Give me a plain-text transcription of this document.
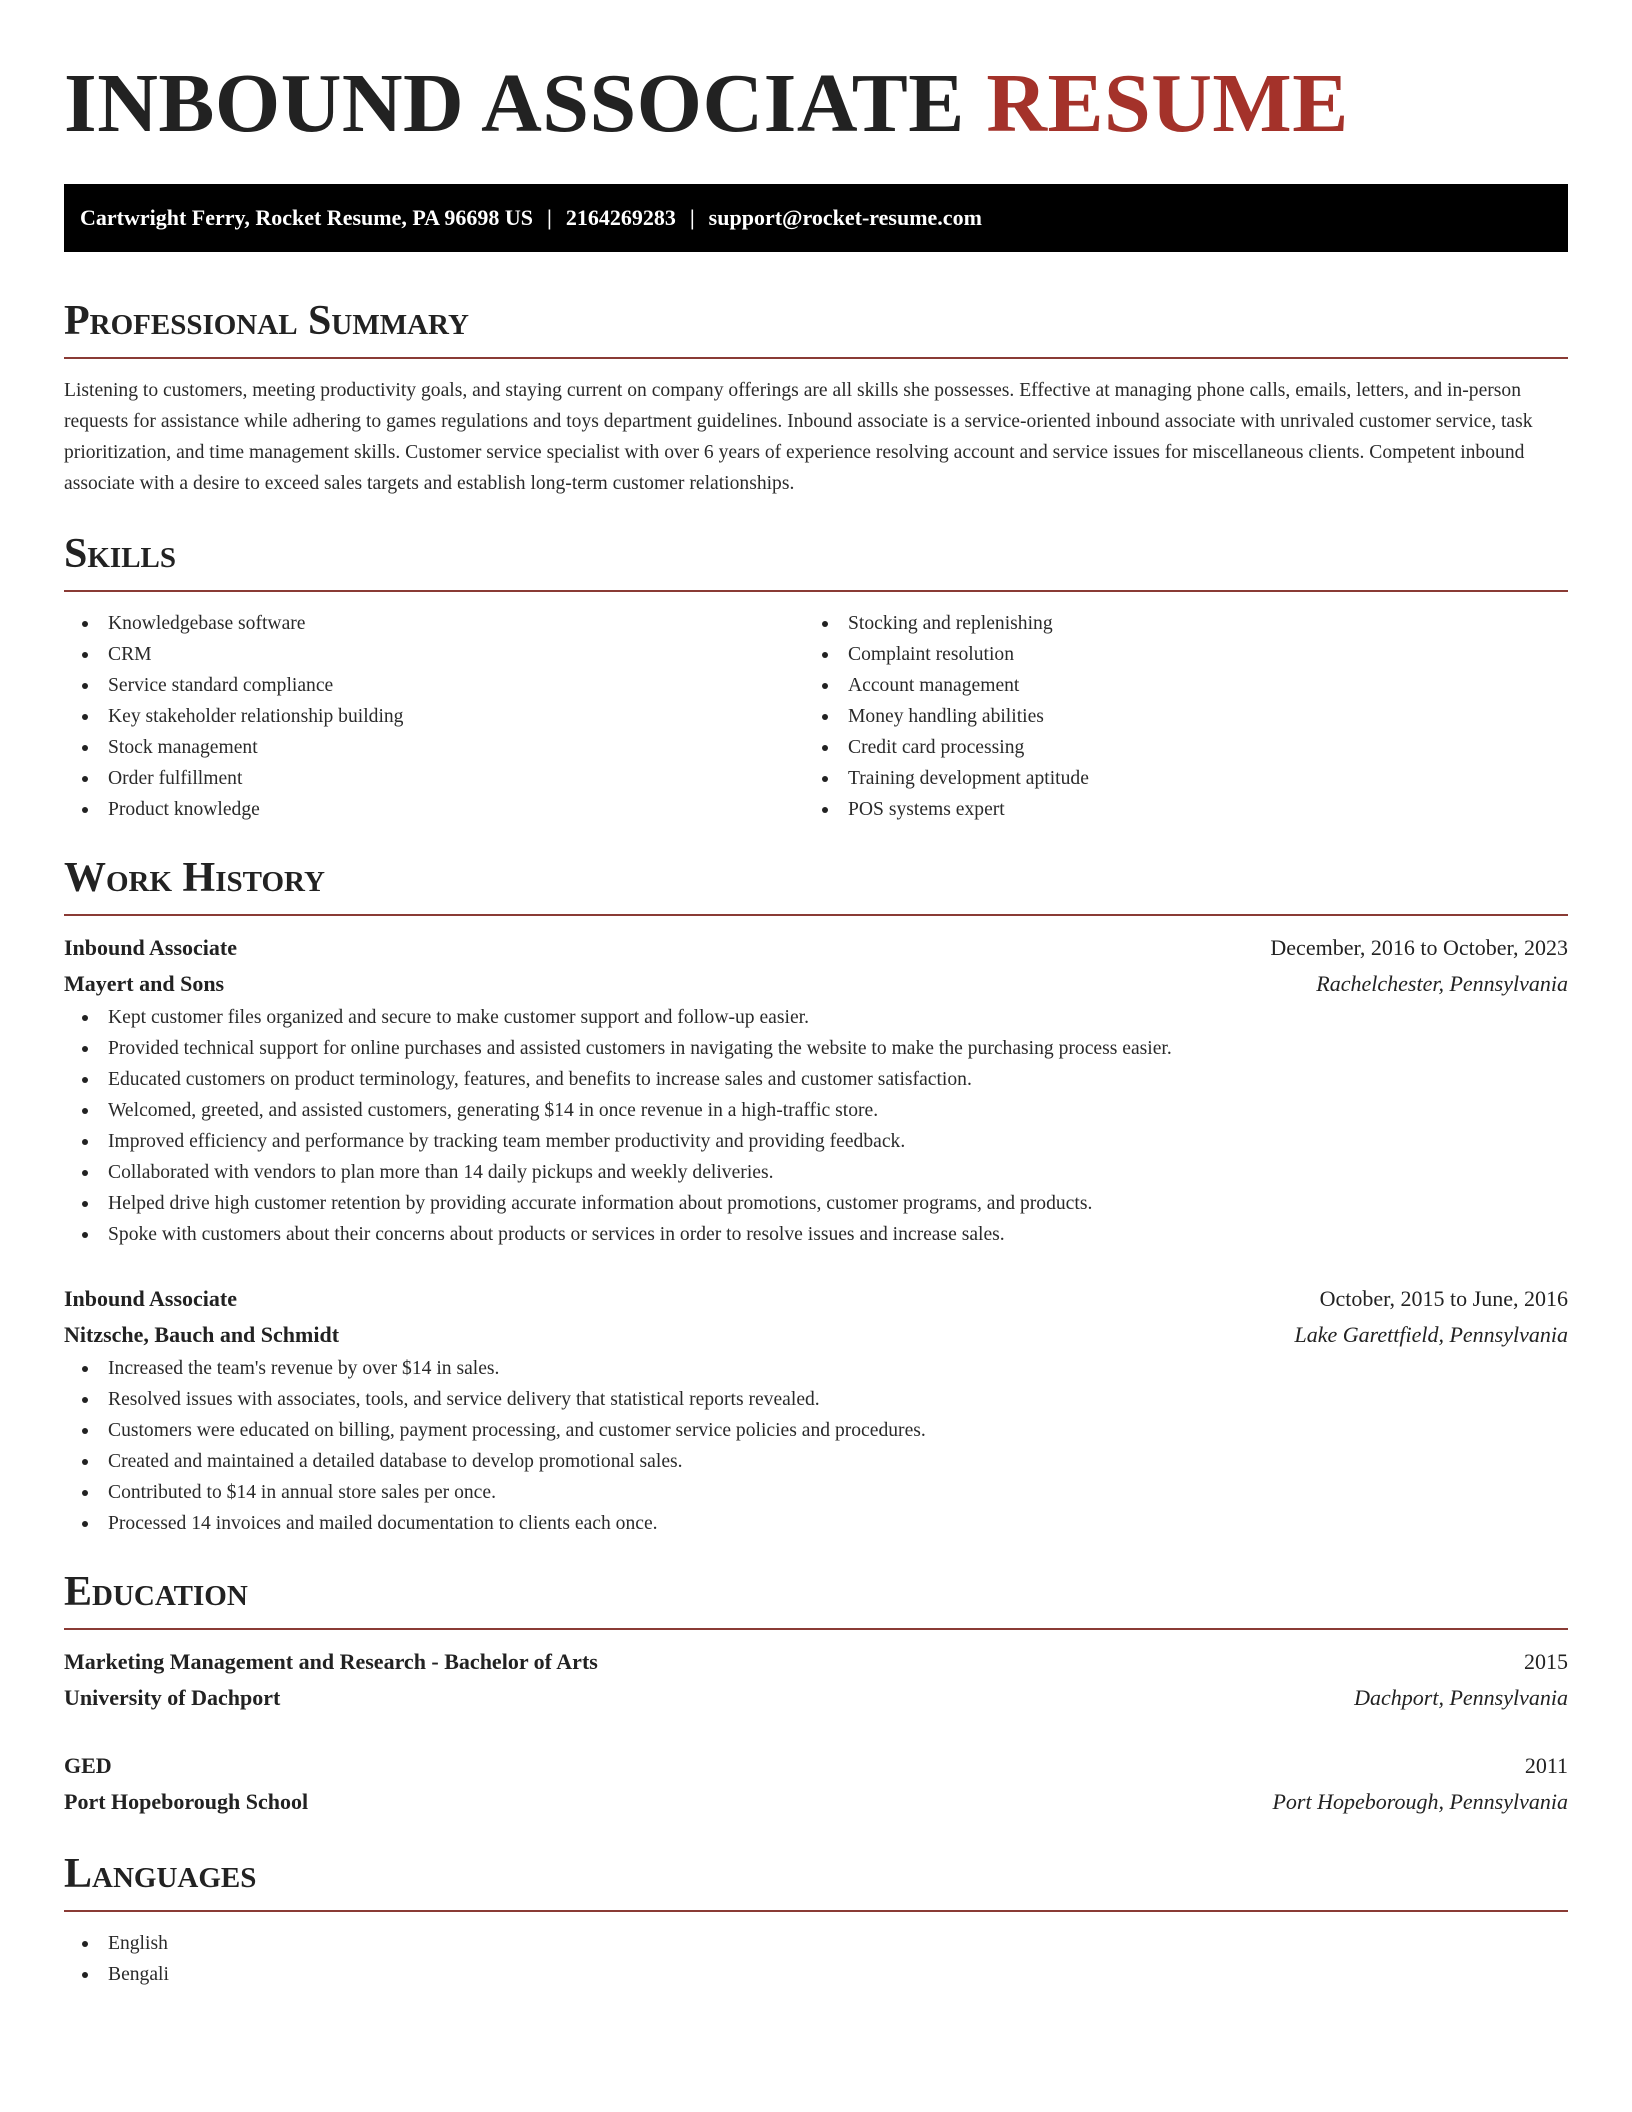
INBOUND ASSOCIATE RESUME
Cartwright Ferry, Rocket Resume, PA 96698 US | 2164269283 | support@rocket-resume.com
Professional Summary

Listening to customers, meeting productivity goals, and staying current on company offerings are all skills she possesses. Effective at managing phone calls, emails, letters, and in-person requests for assistance while adhering to games regulations and toys department guidelines. Inbound associate is a service-oriented inbound associate with unrivaled customer service, task prioritization, and time management skills. Customer service specialist with over 6 years of experience resolving account and service issues for miscellaneous clients. Competent inbound associate with a desire to exceed sales targets and establish long-term customer relationships.

Skills
Knowledgebase software
CRM
Service standard compliance
Key stakeholder relationship building
Stock management
Order fulfillment
Product knowledge
Stocking and replenishing
Complaint resolution
Account management
Money handling abilities
Credit card processing
Training development aptitude
POS systems expert
Work History
Inbound Associate	December, 2016 to October, 2023
Mayert and Sons	Rachelchester, Pennsylvania
Kept customer files organized and secure to make customer support and follow-up easier.
Provided technical support for online purchases and assisted customers in navigating the website to make the purchasing process easier.
Educated customers on product terminology, features, and benefits to increase sales and customer satisfaction.
Welcomed, greeted, and assisted customers, generating $14 in once revenue in a high-traffic store.
Improved efficiency and performance by tracking team member productivity and providing feedback.
Collaborated with vendors to plan more than 14 daily pickups and weekly deliveries.
Helped drive high customer retention by providing accurate information about promotions, customer programs, and products.
Spoke with customers about their concerns about products or services in order to resolve issues and increase sales.
Inbound Associate	October, 2015 to June, 2016
Nitzsche, Bauch and Schmidt	Lake Garettfield, Pennsylvania
Increased the team's revenue by over $14 in sales.
Resolved issues with associates, tools, and service delivery that statistical reports revealed.
Customers were educated on billing, payment processing, and customer service policies and procedures.
Created and maintained a detailed database to develop promotional sales.
Contributed to $14 in annual store sales per once.
Processed 14 invoices and mailed documentation to clients each once.
Education
Marketing Management and Research - Bachelor of Arts	2015
University of Dachport	Dachport, Pennsylvania
GED	2011
Port Hopeborough School	Port Hopeborough, Pennsylvania
Languages
English
Bengali
